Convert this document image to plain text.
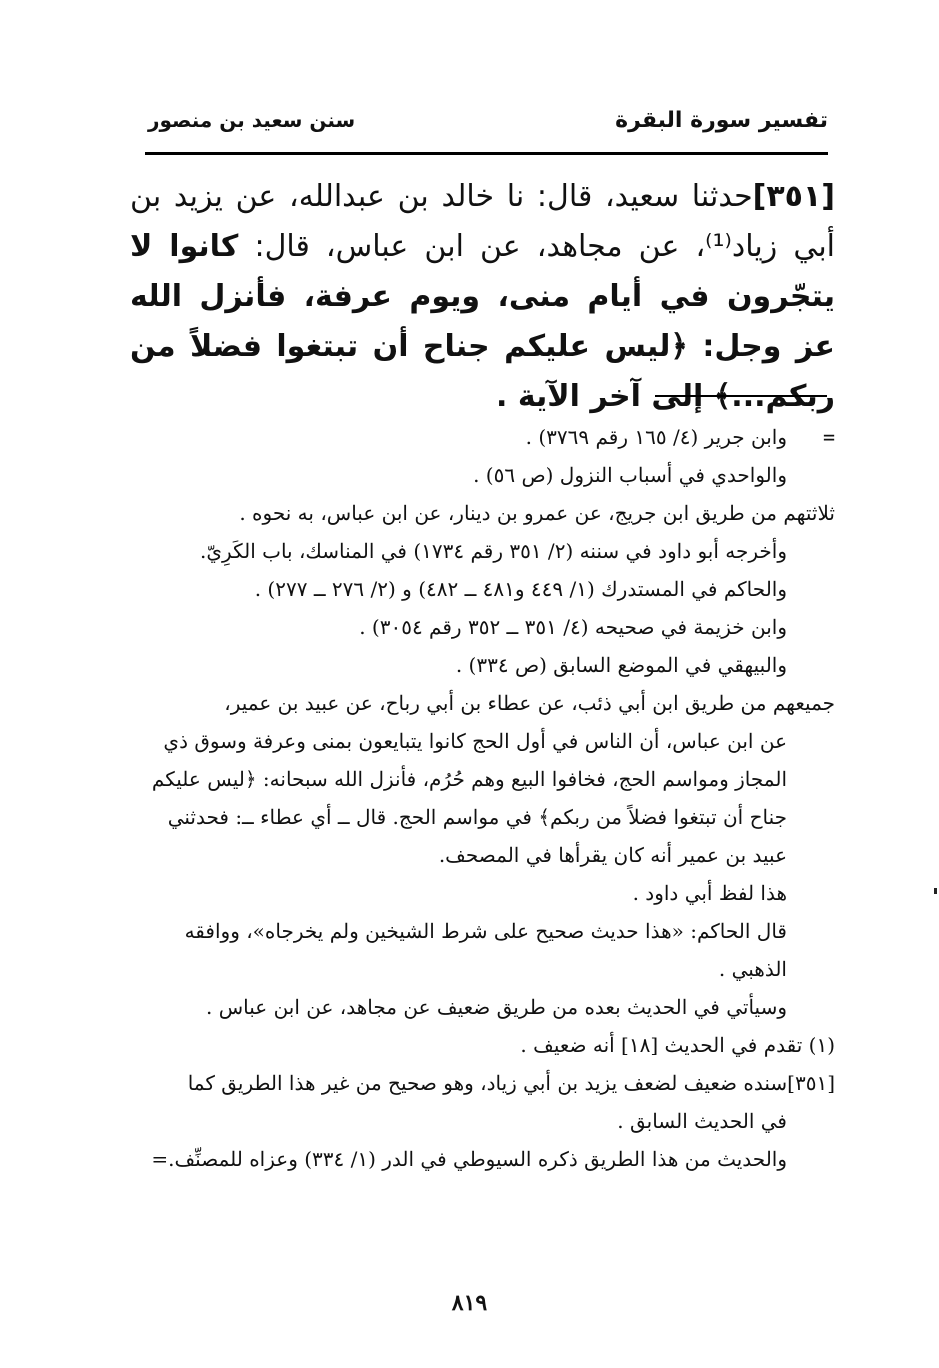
تفسير سورة البقرة
سنن سعيد بن منصور
[٣٥١]حدثنا سعيد، قال: نا خالد بن عبدالله، عن يزيد بن أبي زياد⁽¹⁾، عن مجاهد، عن ابن عباس، قال: كانوا لا يتجّرون في أيام منى، ويوم عرفة، فأنزل الله عز وجل: ﴿ليس عليكم جناح أن تبتغوا فضلاً من ربكم...﴾ إلى آخر الآية .
=
وابن جرير (٤/ ١٦٥ رقم ٣٧٦٩) .
والواحدي في أسباب النزول (ص ٥٦) .
ثلاثتهم من طريق ابن جريج، عن عمرو بن دينار، عن ابن عباس، به نحوه .
وأخرجه أبو داود في سننه (٢/ ٣٥١ رقم ١٧٣٤) في المناسك، باب الكَرِيّ.
والحاكم في المستدرك (١/ ٤٤٩ و٤٨١ ــ ٤٨٢) و (٢/ ٢٧٦ ــ ٢٧٧) .
وابن خزيمة في صحيحه (٤/ ٣٥١ ــ ٣٥٢ رقم ٣٠٥٤) .
والبيهقي في الموضع السابق (ص ٣٣٤) .
جميعهم من طريق ابن أبي ذئب، عن عطاء بن أبي رباح، عن عبيد بن عمير،
عن ابن عباس، أن الناس في أول الحج كانوا يتبايعون بمنى وعرفة وسوق ذي
المجاز ومواسم الحج، فخافوا البيع وهم حُرُم، فأنزل الله سبحانه: ﴿ليس عليكم
جناح أن تبتغوا فضلاً من ربكم﴾ في مواسم الحج. قال ــ أي عطاء ــ: فحدثني
عبيد بن عمير أنه كان يقرأها في المصحف.
هذا لفظ أبي داود .
قال الحاكم: «هذا حديث صحيح على شرط الشيخين ولم يخرجاه»، ووافقه
الذهبي .
وسيأتي في الحديث بعده من طريق ضعيف عن مجاهد، عن ابن عباس .
(١) تقدم في الحديث [١٨] أنه ضعيف .
[٣٥١]سنده ضعيف لضعف يزيد بن أبي زياد، وهو صحيح من غير هذا الطريق كما
في الحديث السابق .
والحديث من هذا الطريق ذكره السيوطي في الدر (١/ ٣٣٤) وعزاه للمصنِّف.=
٨١٩
